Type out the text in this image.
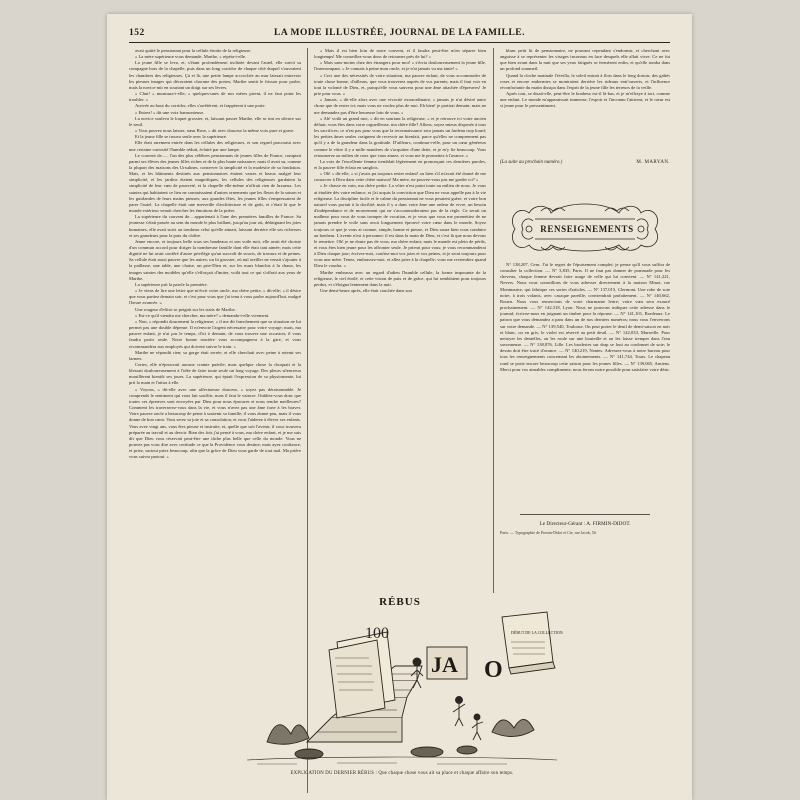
152	LA MODE ILLUSTRÉE, JOURNAL DE LA FAMILLE.

avait quitté le pensionnat pour la cellule étroite de la religieuse.

« La mère supérieure vous demande, Marthe, » répéta-t-elle.

La jeune fille se leva, et, s'étant profondément inclinée devant l'autel, elle suivit sa compagne hors de la chapelle, puis dans un long corridor de chaque côté duquel s'ouvraient les chambres des religieuses. Çà et là, une petite lampe accrochée au mur laissait entrevoir les pieuses images qui décoraient chacune des portes; Marthe sentit le frisson pour parler, mais la novice mit en souriant un doigt sur ses lèvres.

« Chut! » murmura-t-elle; « quelques-unes de nos mères prient, il ne faut point les troubler. »

Arrivée au bout du corridor, elles s'arrêtèrent, et frappèrent à une porte.

« Entrez! » dit une voix harmonieuse.

La novice souleva le loquet grossier, et, laissant passer Marthe, elle se tint en silence sur le seuil.

« Vous pouvez nous laisser, sœur Rose, » dit avec douceur la même voix pure et grave.

Et la jeune fille se trouva seule avec la supérieure.

Elle était rarement entrée dans les cellules des religieuses, et son regard parcourut avec une certaine curiosité l'humble réduit, éclairé par une lampe.

Le couvent de....., l'un des plus célèbres pensionnats de jeunes filles de France, comptait parmi ses élèves des jeunes filles riches et de la plus haute naissance; mais il avait su, comme la plupart des maisons des Ursulines, conserver la simplicité et la modestie de sa fondation. Mais, et les bâtiments destinés aux pensionnaires étaient vastes et beaux malgré leur simplicité, et les jardins étaient magnifiques, les cellules des religieuses gardaient la simplicité de leur vœu de pauvreté, et la chapelle elle-même n'offrait rien de luxueux. Les saintes qui habitaient ce lieu ne connaissaient d'autres ornements que les fleurs de la saison et les guirlandes de leurs mains pieuses; aux grandes fêtes, les jeunes filles s'empressaient de parer l'autel. La chapelle était une merveille d'architecture et de goût, et c'était là que le monde extérieur venait chercher les émotions de la prière.

La supérieure du couvent de... appartenait à l'une des premières familles de France. Sa jeunesse s'était passée au sein du monde le plus brillant, jusqu'au jour où, dédaignant les joies humaines, elle avait suivi au tombeau celui qu'elle aimait, laissant derrière elle ses richesses et ses grandeurs pour la paix du cloître.

Jeune encore, et toujours belle sous ses bandeaux et son voile noir, elle avait été choisie d'un commun accord pour diriger la nombreuse famille dont elle était tant aimée; mais cette dignité ne lui avait conféré d'autre privilège qu'un surcroît de soucis, de travaux et de peines. Sa cellule était aussi pauvre que les autres; un lit grossier, où nul oreiller ne venait s'ajouter à la paillasse, une table, une chaise, un prie-Dieu et, sur les murs blanchis à la chaux, les images saintes des modèles qu'elle s'efforçait d'imiter, voilà tout ce qui s'offrait aux yeux de Marthe.

La supérieure prit la parole la première.

« Je viens de lire une lettre que m'écrit votre oncle, ma chère petite, » dit-elle; « il désire que vous partiez demain soir, et c'est pour vous que j'ai tenu à vous parler aujourd'hui, malgré l'heure avancée. »

Une rougeur d'effroi se peignit sur les traits de Marthe.

« Est-ce qu'il viendra me chercher, ma mère? » demanda-t-elle vivement.

« Non, » répondit doucement la religieuse; « il me dit franchement que sa situation ne lui permet pas une double dépense. Il m'envoie l'argent nécessaire pour votre voyage; mais, ma pauvre enfant, je n'ai pas le temps, d'ici à demain, de vous trouver une occasion; il vous faudra partir seule. Notre bonne tourière vous accompagnera à la gare, et vous recommandera aux employés qui doivent suivre le train. »

Marthe ne répondit rien; sa gorge était serrée, et elle cherchait avec peine à retenir ses larmes.

Certes, elle n'éprouvait aucune crainte puérile; mais quelque chose la choquait et la blessait douloureusement à l'idée de faire toute seule un long voyage. Des pleurs silencieux mouillèrent bientôt ses joues. La supérieure, qui épiait l'expression de sa physionomie, lui prit la main et l'attira à elle.

« Voyons, » dit-elle avec une affectueuse douceur, « soyez pas déraisonnable. Je comprends le sentiment qui vous fait souffrir, mais il faut le vaincre. Oubliez-vous donc que toutes ces épreuves sont envoyées par Dieu pour nous éprouver et nous rendre meilleures? Comment les traverserez-vous dans la vie, et vous n'avez pas une âme forte à les braver. Votre pauvre oncle a beaucoup de peine à soutenir sa famille; il vous donne peu, mais il vous donne de bon cœur. Vous serez sa joie et sa consolation, et vous l'aiderez à élever ses enfants. Vous avez vingt ans, vous êtes pieuse et instruite, et, quelle que soit l'avenir, il vous trouvera préparée au travail et au devoir. Bien des fois j'ai pensé à vous, ma chère enfant, et je me suis dit que Dieu vous réservait peut-être une tâche plus belle que celle du monde. Vous ne pouvez pas vous dire avec certitude ce que la Providence vous destine; mais ayez confiance, et priez, surtout priez beaucoup, afin que la grâce de Dieu vous garde de tout mal. Ma prière vous suivra partout. »

« Mais il est bien loin de notre couvent, et il faudra peut-être m'en séparer bien longtemps! Me conseillez-vous donc de retourner près de lui? »

« Mais sans-moins chez des étrangers pour moi! » s'écria douloureusement la jeune fille, l'interrompant. « Je connais à peine mon oncle, et je n'ai jamais vu ma tante! »

« Ceci une des nécessités de votre situation, ma pauvre enfant, de vous accommoder de toute chose bonne, d'ailleurs, que vous trouverez auprès de vos parents; mais il faut voir en tout la volonté de Dieu, et, puisqu'elle vous sauvera pour une âme attachée d'épreuves! Je prie pour vous. »

« Jamais, » dit-elle alors avec une vivacité extraordinaire, « jamais je n'ai désiré autre chose que de rester ici; mais vous ne voulez plus de moi. Eh bien! je partirai demain; mais ne me demandez pas d'être heureuse loin de vous. »

« Ah! voilà un grand mot, » dit en souriant la religieuse, « et je retrouve ici votre ancien défaut; vous êtes dans votre orgueilleuse, ma chère fille? Allons, soyez mieux disposée à tous les sacrifices; ce n'est pas pour vous que la reconnaissance sera jamais un fardeau trop lourd; les petites âmes seules craignent de recevoir un bienfait, parce qu'elles ne comprennent pas qu'il y a de la grandeur dans la gratitude. D'ailleurs, continua-t-elle, pour un cœur généreux comme le vôtre il y a mille manières de s'acquitter d'une dette, et je m'y fie beaucoup. Vous retournerez au milieu de ceux que vous aimez, et vous me le promettez à l'avance. »

La voix de l'excellente femme tremblait légèrement en prononçant ces dernières paroles, et la pauvre fille éclata en sanglots.

« Oh! » dit-elle, « si j'avais pu toujours rester enfant! ou bien s'il m'avait été donné de me consacrer à Dieu dans cette chère maison! Ma mère, ne pouvez-vous pas me garder ici? »

« Je chasse en vain, ma chère petite. La vôtre n'est point toute au milieu de nous. Je vous ai étudiée dès votre enfance, et j'ai acquis la conviction que Dieu ne vous appelle pas à la vie religieuse. La discipline facile et le calme du pensionnat ne vous pesaient guère, et votre bon naturel vous portait à la docilité; mais il y a dans votre âme une ardeur de vivre, un besoin d'indépendance et de mouvement qui ne s'accommoderaient pas de la règle. Ce serait un malheur pour vous de vous tromper de vocation, et je veux que vous me promettiez de ne jamais prendre le voile sans avoir longuement éprouvé votre cœur dans le monde. Soyez toujours ce que je vous ai connue, simple, bonne et pieuse, et Dieu saura bien vous conduire au bonheur. L'avenir n'est à personne; il est dans la main de Dieu, et c'est là que nous devons le remettre. Oh! je ne doute pas de vous, ma chère enfant; mais le monde est plein de périls, et vous êtes bien jeune pour les affronter seule. Je prierai pour vous; je vous recommanderai à Dieu chaque jour; écrivez-moi, confiez-moi vos joies et vos peines, et je serai toujours pour vous une mère. Tenez, embrassez-moi, et allez prier à la chapelle; vous me reviendrez quand Dieu le voudra. »

Marthe embrassa avec un regard d'adieu l'humble cellule, la forme imposante de la religieuse, le ciel étoilé, et cette vision de paix et de grâce, qui lui semblaient pour toujours perdus, et s'éloigna lentement dans la nuit.

Une demi-heure après, elle était couchée dans son

blanc petit lit de pensionnaire, ne pouvant cependant s'endormir, et cherchant avec angoisse à se représenter les visages inconnus en face desquels elle allait vivre. Ce ne fut que bien avant dans la nuit que ses yeux fatigués se fermèrent enfin, et qu'elle tomba dans un profond sommeil.

Quand la cloche matinale l'éveilla, le soleil entrait à flots dans le long dortoir, des gaîtés roses et encore endormies se montraient derrière les rideaux entr'ouverts, et l'influence réconfortante du matin dissipa dans l'esprit de la jeune fille les terreurs de la veille.

Après tout, se disait-elle, peut-être le bonheur est-il là-bas, et je m'effraye à tort, comme une enfant. Le monde m'apparaissait immense, l'espoir et l'inconnu l'attirent, et le cœur est si jeune pour le pressentiment.

(La suite au prochain numéro.)	M. MARYAN.
RENSEIGNEMENTS

N° 138,207, Cern. J'ai le regret de l'épuisement complet; je pense qu'il vous suffira de consulter la collection. — N° 3,835, Paris. Il ne faut pas donner de pommade pour les cheveux, chaque femme devrait faire usage de celle qui lui convient. — N° 141,221, Nevers. Nous vous conseillons de vous adresser directement à la maison Minot, rue Montmartre, qui fabrique ces sortes d'articles. — N° 137,015, Clermont. Une robe de soie noire, à trois volants, avec casaque pareille, conviendrait parfaitement. — N° 140,662, Rouen. Nous vous remercions de votre charmante lettre; votre vœu sera exaucé prochainement. — N° 142,318, Lyon. Nous ne pouvons indiquer cette adresse dans le journal; écrivez-nous en joignant un timbre pour la réponse. — N° 141,101, Bordeaux. Le patron que vous demandez a paru dans un de nos derniers numéros; nous vous l'enverrons sur votre demande. — N° 139,540, Toulouse. On peut porter le deuil de demi-saison en noir et blanc, ou en gris; le violet est réservé au petit deuil. — N° 142,033, Marseille. Pour nettoyer les dentelles, on les roule sur une bouteille et on les laisse tremper dans l'eau savonneuse. — N° 138,876, Lille. Les broderies sur drap se font au cordonnet de soie; le dessin doit être tracé d'avance. — N° 140,219, Nantes. Adressez-vous à notre bureau pour tous les renseignements concernant les abonnements. — N° 141,744, Tours. Le chapeau rond se porte encore beaucoup cette saison pour les jeunes filles. — N° 139,065, Amiens. Merci pour vos aimables compliments; nous ferons notre possible pour satisfaire votre désir.

Le Directeur-Gérant : A. FIRMIN-DIDOT.
Paris. — Typographie de Firmin-Didot et Cie, rue Jacob, 56.
100
JA O
DÉBUT DE LA COLLECTION
RÉBUS
EXPLICATION DU DERNIER RÉBUS : Que chaque chose vous ait sa place et chaque affaire son temps.
